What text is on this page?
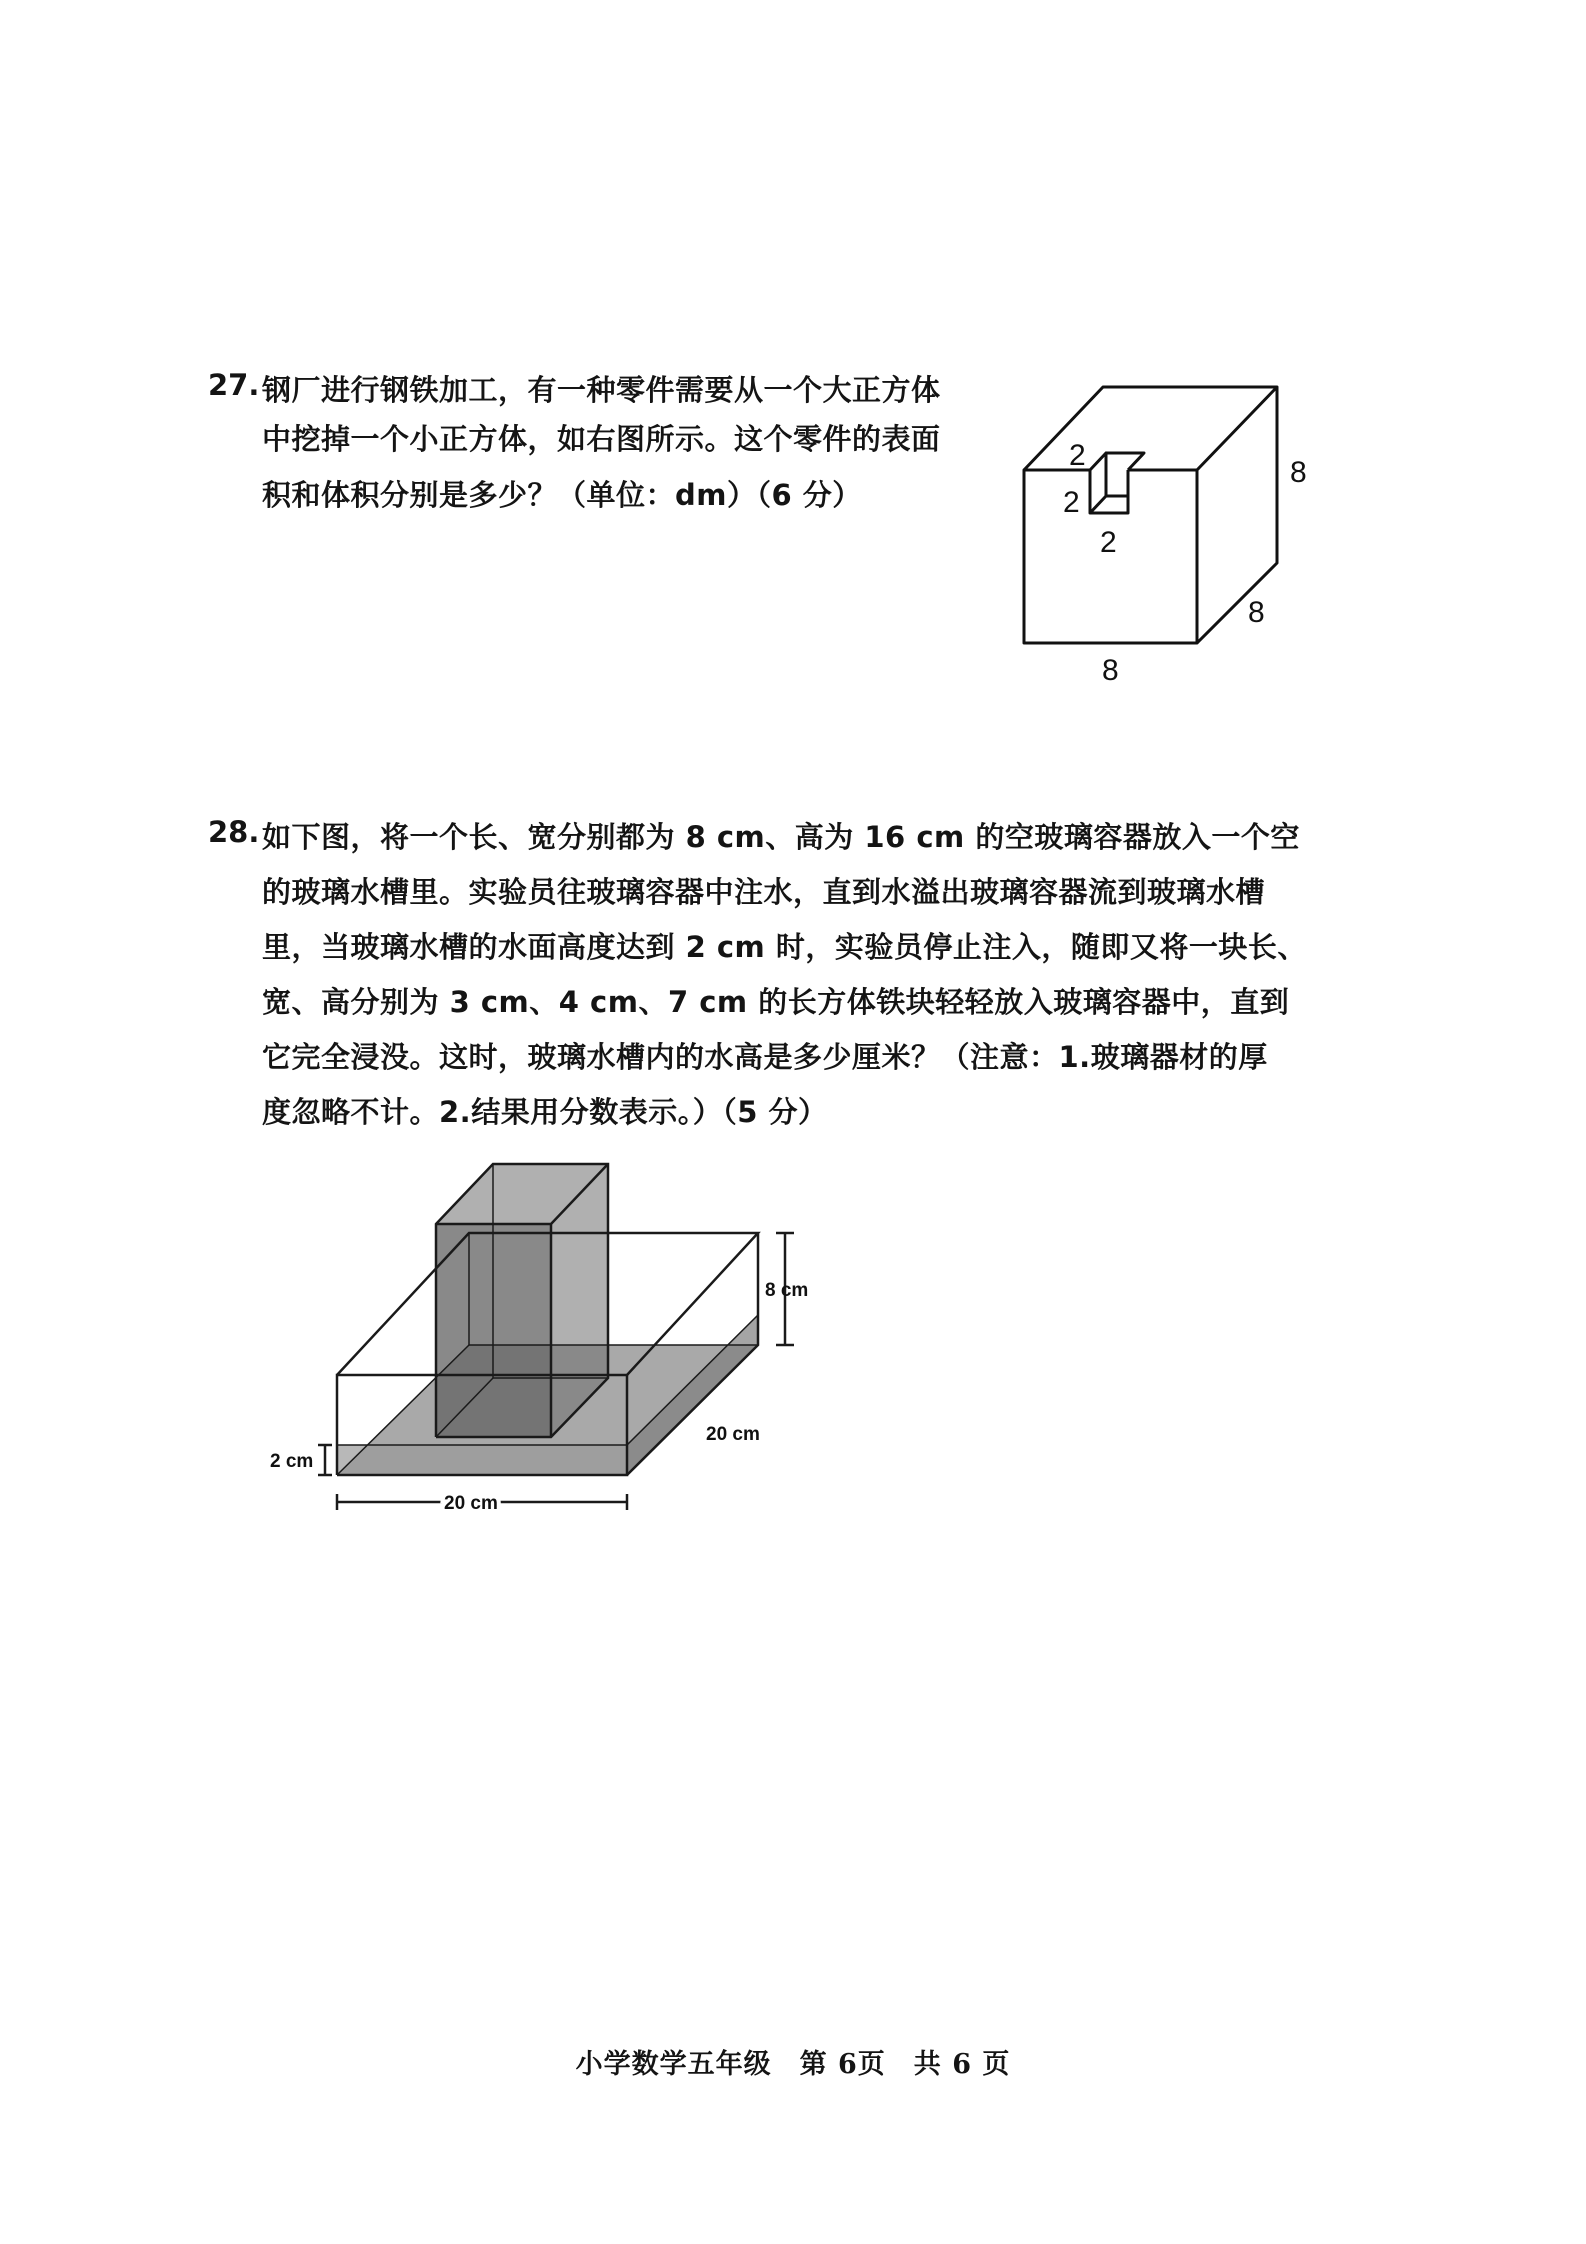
27. 钢厂进行钢铁加工，有一种零件需要从一个大正方体
中挖掉一个小正方体，如右图所示。这个零件的表面
积和体积分别是多少？（单位：dm）（6 分）
2
2
2
8
8
8
28. 如下图，将一个长、宽分别都为 8 cm、高为 16 cm 的空玻璃容器放入一个空
的玻璃水槽里。实验员往玻璃容器中注水，直到水溢出玻璃容器流到玻璃水槽
里，当玻璃水槽的水面高度达到 2 cm 时，实验员停止注入，随即又将一块长、
宽、高分别为 3 cm、4 cm、7 cm 的长方体铁块轻轻放入玻璃容器中，直到
它完全浸没。这时，玻璃水槽内的水高是多少厘米？（注意：1.玻璃器材的厚
度忽略不计。2.结果用分数表示。）（5 分）
8 cm
20 cm
2 cm
20 cm
小学数学五年级　第 6页　共 6 页
